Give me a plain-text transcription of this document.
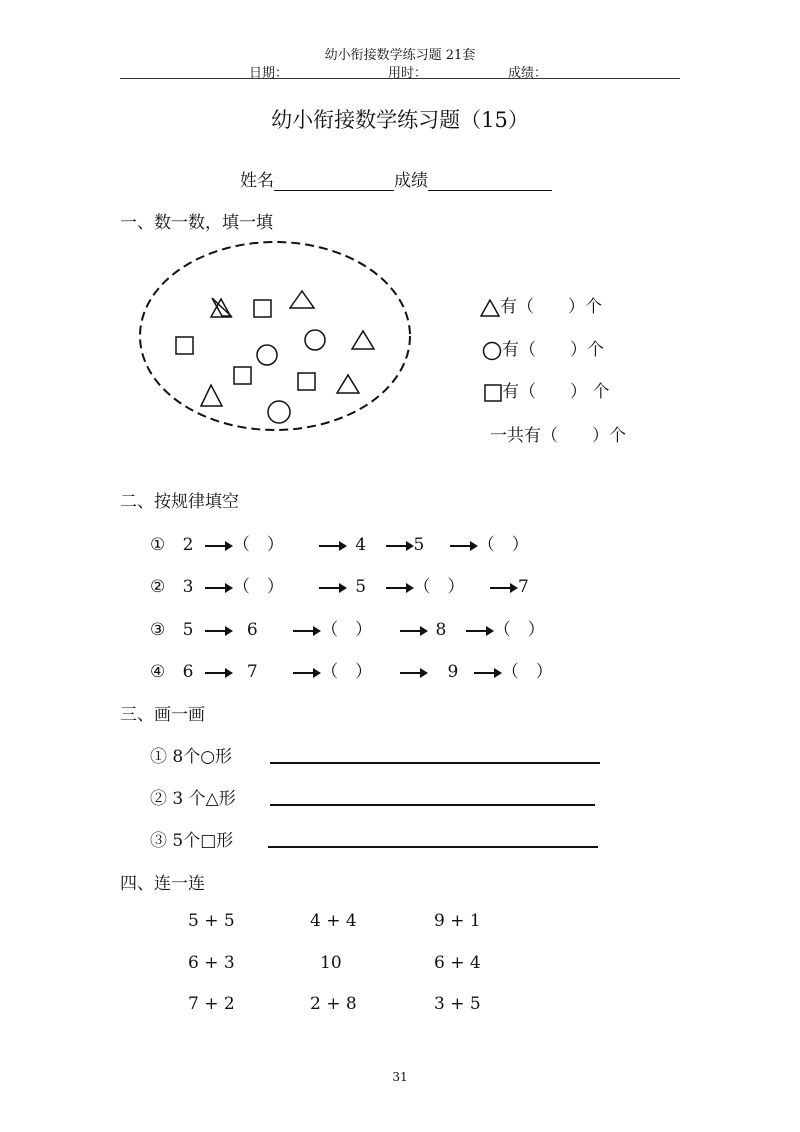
幼小衔接数学练习题 21套
日期：	用时：	成绩：
幼小衔接数学练习题（15）
姓名	成绩
一、数一数，填一填
有（　　）个
有（　　）个
有（　　） 个
一共有（　　）个
二、按规律填空
① 2 （　）	4	5	（　）
② 3 （　）	5	（　）	7
③ 5	6	（　）	8	（　）
④ 6	7	（　）	9	（　）
三、画一画
① 8个○形
② 3 个△形
③ 5个□形
四、连一连
5 + 5	4 + 4	9 + 1
6 + 3	10	6 + 4
7 + 2	2 + 8	3 + 5
31
